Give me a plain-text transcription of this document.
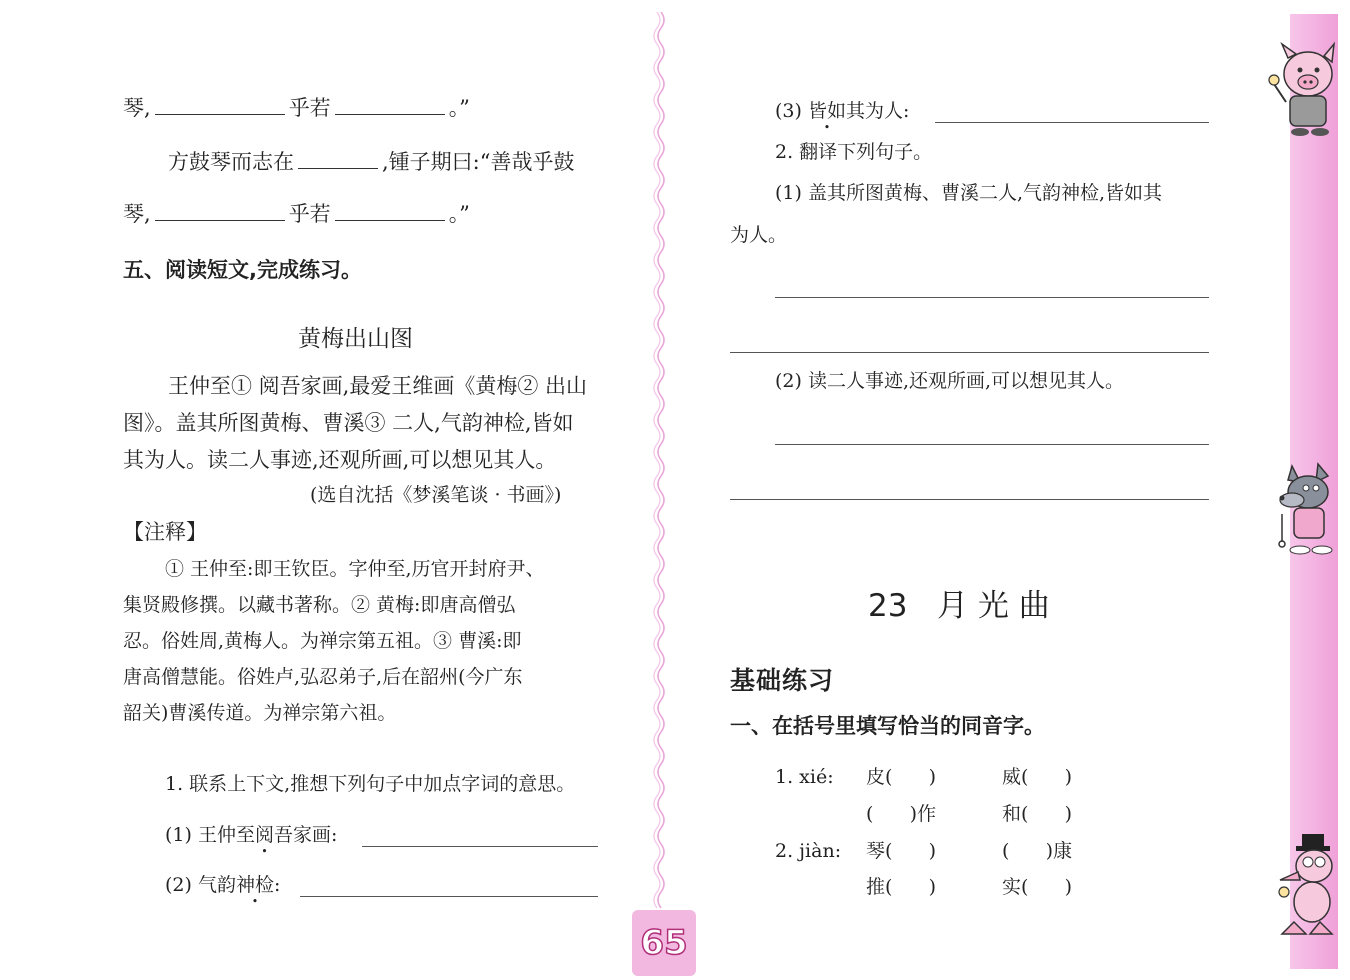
琴,	乎若	。”
方鼓琴而志在	,锺子期曰:“善哉乎鼓
琴,	乎若	。”
五、阅读短文,完成练习。
黄梅出山图
王仲至① 阅吾家画,最爱王维画《黄梅② 出山
图》。盖其所图黄梅、曹溪③ 二人,气韵神检,皆如
其为人。读二人事迹,还观所画,可以想见其人。
(选自沈括《梦溪笔谈 · 书画》)
【注释】
① 王仲至:即王钦臣。字仲至,历官开封府尹、
集贤殿修撰。以藏书著称。② 黄梅:即唐高僧弘
忍。俗姓周,黄梅人。为禅宗第五祖。③ 曹溪:即
唐高僧慧能。俗姓卢,弘忍弟子,后在韶州(今广东
韶关)曹溪传道。为禅宗第六祖。
1. 联系上下文,推想下列句子中加点字词的意思。
(1) 王仲至阅吾家画:
(2) 气韵神检:
65
(3) 皆如其为人:
2. 翻译下列句子。
(1) 盖其所图黄梅、曹溪二人,气韵神检,皆如其
为人。
(2) 读二人事迹,还观所画,可以想见其人。
23   月 光 曲
基础练习
一、在括号里填写恰当的同音字。
1. xié: 皮(      )	威(      )
(      )作	和(      )
2. jiàn: 琴(      )	(      )康
推(      )	实(      )
